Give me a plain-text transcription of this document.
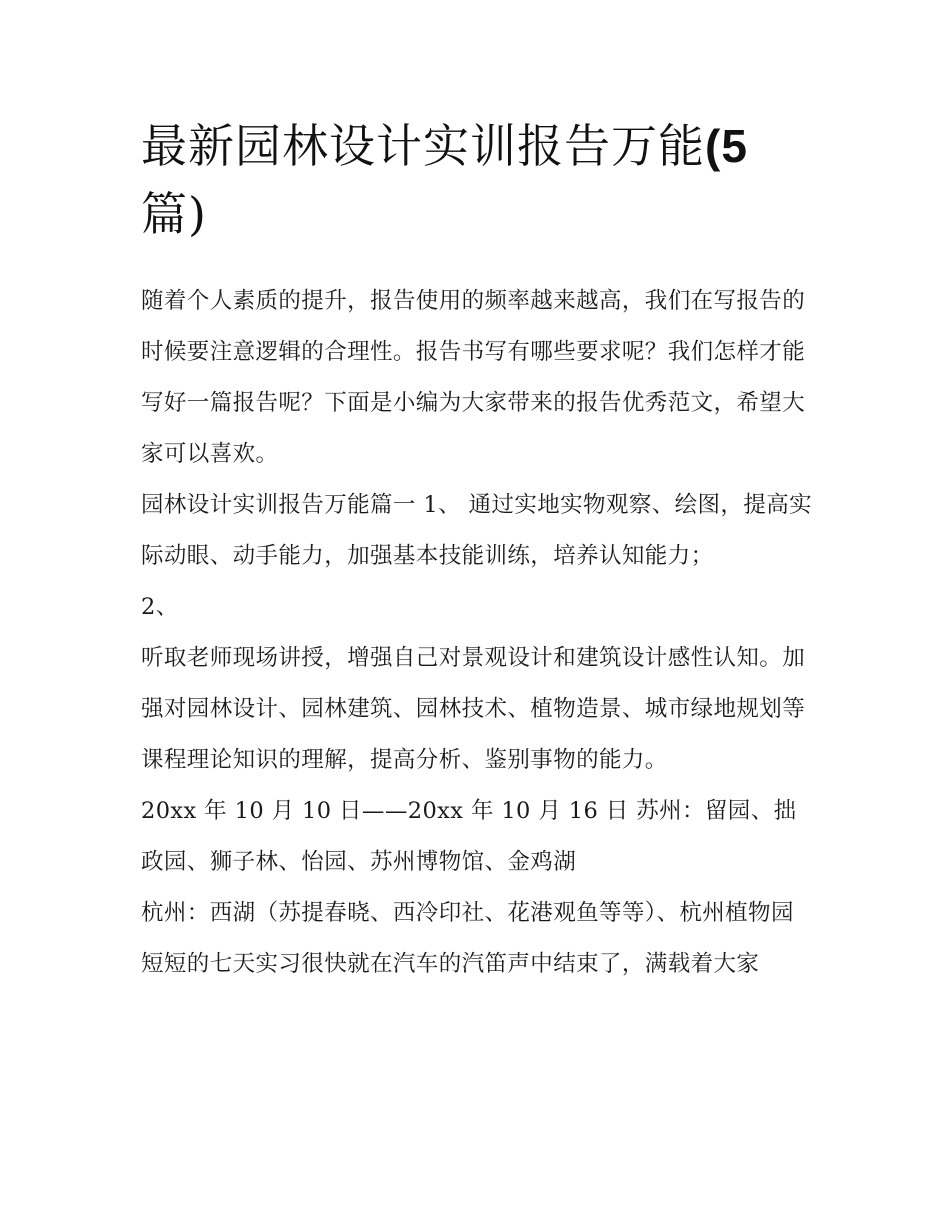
最新园林设计实训报告万能(5
篇)

随着个人素质的提升，报告使用的频率越来越高，我们在写报告的时候要注意逻辑的合理性。报告书写有哪些要求呢？我们怎样才能写好一篇报告呢？下面是小编为大家带来的报告优秀范文，希望大家可以喜欢。

园林设计实训报告万能篇一 1、 通过实地实物观察、绘图，提高实际动眼、动手能力，加强基本技能训练，培养认知能力；

2、

听取老师现场讲授，增强自己对景观设计和建筑设计感性认知。加强对园林设计、园林建筑、园林技术、植物造景、城市绿地规划等课程理论知识的理解，提高分析、鉴别事物的能力。

20xx 年 10 月 10 日——20xx 年 10 月 16 日 苏州：留园、拙政园、狮子林、怡园、苏州博物馆、金鸡湖

杭州：西湖（苏提春晓、西冷印社、花港观鱼等等）、杭州植物园

短短的七天实习很快就在汽车的汽笛声中结束了，满载着大家
